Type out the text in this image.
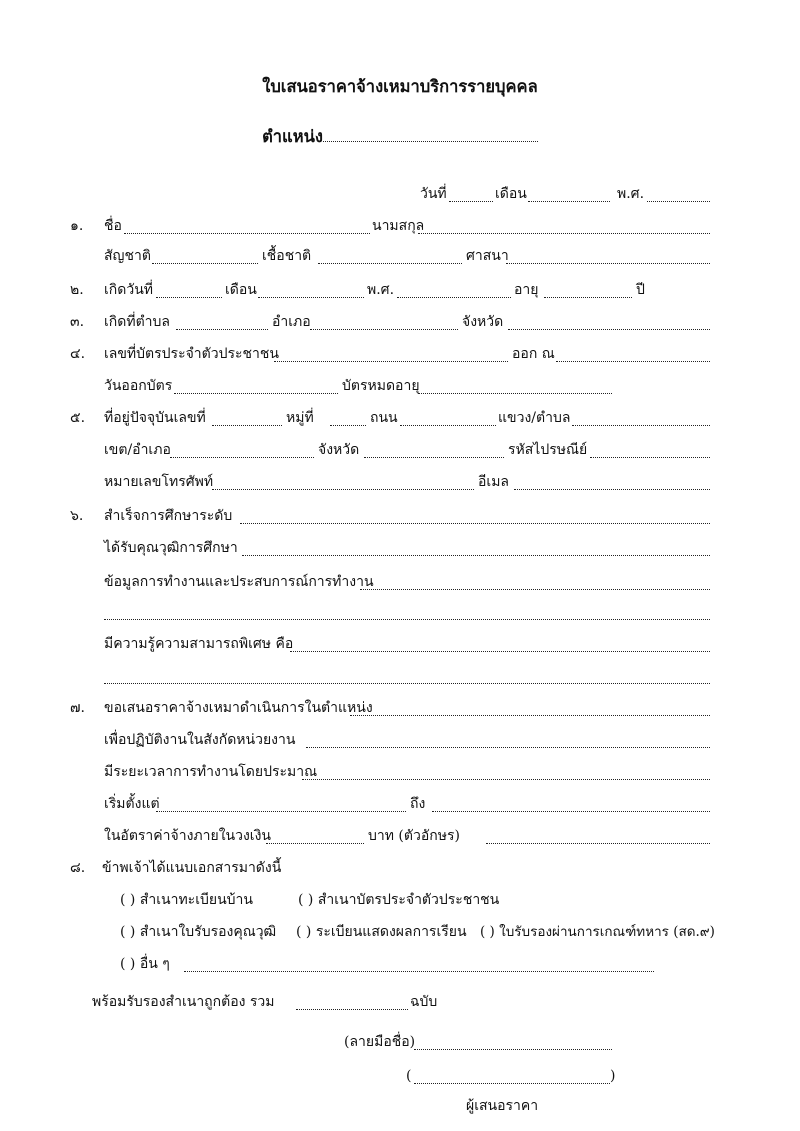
ใบเสนอราคาจ้างเหมาบริการรายบุคคล
ตำแหน่ง
วันที่	เดือน	พ.ศ.
๑.	ชื่อ	นามสกุล
สัญชาติ	เชื้อชาติ	ศาสนา
๒.	เกิดวันที่	เดือน	พ.ศ.	อายุ	ปี
๓.	เกิดที่ตำบล	อำเภอ	จังหวัด
๔.	เลขที่บัตรประจำตัวประชาชน	ออก ณ
วันออกบัตร	บัตรหมดอายุ
๕.	ที่อยู่ปัจจุบันเลขที่	หมู่ที่	ถนน	แขวง/ตำบล
เขต/อำเภอ	จังหวัด	รหัสไปรษณีย์
หมายเลขโทรศัพท์	อีเมล
๖.	สำเร็จการศึกษาระดับ
ได้รับคุณวุฒิการศึกษา
ข้อมูลการทำงานและประสบการณ์การทำงาน
มีความรู้ความสามารถพิเศษ คือ
๗.	ขอเสนอราคาจ้างเหมาดำเนินการในตำแหน่ง
เพื่อปฏิบัติงานในสังกัดหน่วยงาน
มีระยะเวลาการทำงานโดยประมาณ
เริ่มตั้งแต่	ถึง
ในอัตราค่าจ้างภายในวงเงิน	บาท (ตัวอักษร)
๘.	ข้าพเจ้าได้แนบเอกสารมาดังนี้
( ) สำเนาทะเบียนบ้าน	( ) สำเนาบัตรประจำตัวประชาชน
( ) สำเนาใบรับรองคุณวุฒิ ( ) ระเบียนแสดงผลการเรียน ( ) ใบรับรองผ่านการเกณฑ์ทหาร (สด.๙)
( ) อื่น ๆ
พร้อมรับรองสำเนาถูกต้อง รวม	ฉบับ
(ลายมือชื่อ)
(	)
ผู้เสนอราคา
